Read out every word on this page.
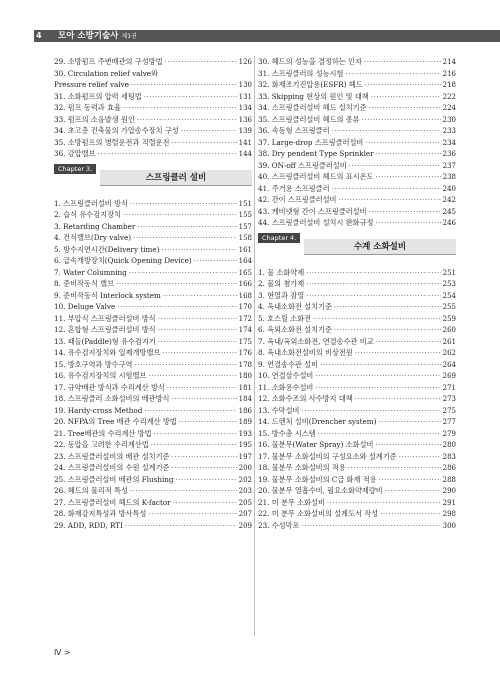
4 모아 소방기술사 제1권
29. 소방펌프 주변배관의 구성방법 ·····	126
30. Circulation relief valve와
Pressure relief valve ·····	130
31. 소화펌프의 압력 세팅법 ·····	131
32. 펌프 동력과 효율 ·····	134
33. 펌프의 소음발생 원인 ·····	136
34. 초고층 건축물의 가압송수장치 구성 ·····	139
35. 소방펌프의 병렬운전과 직렬운전 ·····	141
36. 감압밸브 ·····	144
Chapter 3.
스프링클러 설비
1. 스프링클러설비 방식 ·····	151
2. 습식 유수검지장치 ·····	155
3. Retarding Chamber ·····	157
4. 건식밸브(Dry valve) ·····	158
5. 방수지연시간(Delivery time) ·····	161
6. 급속개방장치(Quick Opening Device) ·····	164
7. Water Columning ·····	165
8. 준비작동식 밸브 ·····	166
9. 준비작동식 Interlock system ·····	168
10. Deluge Valve ·····	170
11. 부압식 스프링클러설비 방식 ·····	172
12. 혼합형 스프링클러설비 방식 ·····	174
13. 패들(Paddle)형 유수검지기 ·····	175
14. 유수검지장치와 일제개방밸브 ·····	176
15. 방호구역과 방수구역 ·····	178
16. 유수검지장치의 시험밸브 ·····	180
17. 규약배관 방식과 수리계산 방식 ·····	181
18. 스프링클러 소화설비의 배관방식 ·····	184
19. Hardy-cross Method ·····	186
20. NFPA의 Tree 배관 수리계산 방법 ·····	189
21. Tree배관의 수리계산 방법 ·····	193
22. 동압을 고려한 수리계산법 ·····	195
23. 스프링클러설비의 배관 설치기준 ·····	197
24. 스프링클러설비의 수원 설계기준 ·····	200
25. 스프링클러설비 배관의 Flushing ·····	202
26. 헤드의 물리적 특성 ·····	203
27. 스프링클러설비 헤드의 K-factor ·····	205
28. 화재감지특성과 방사특성 ·····	207
29. ADD, RDD, RTI ·····	209
30. 헤드의 성능을 결정하는 인자 ·····	214
31. 스프링클러의 성능시험 ·····	216
32. 화재조기진압용(ESFR) 헤드 ·····	218
33. Skipping 현상의 원인 및 대책 ·····	222
34. 스프링클러설비 헤드 설치기준 ·····	224
35. 스프링클러설비 헤드의 종류 ·····	230
36. 속동형 스프링클러 ·····	233
37. Large-drop 스프링클러설비 ·····	234
38. Dry pendent Type Sprinkler ·····	236
39. ON-off 스프링클러설비 ·····	237
40. 스프링클러설비 헤드의 표시온도 ·····	238
41. 주거용 스프링클러 ·····	240
42. 간이 스프링클러설비 ·····	242
43. 캐비넷형 간이 스프링클러설비 ·····	245
44. 스프링클러설비 설치시 완화규정 ·····	246
Chapter 4.
수계 소화설비
1. 물 소화약제 ·····	251
2. 물의 첨가제 ·····	253
3. 현열과 잠열 ·····	254
4. 옥내소화전 설치기준 ·····	255
5. 호스릴 소화전 ·····	259
6. 옥외소화전 설치기준 ·····	260
7. 옥내/옥외소화전, 연결송수관 비교 ·····	261
8. 옥내소화전설비의 비상전원 ·····	262
9. 연결송수관 설비 ·····	264
10. 연결살수설비 ·····	269
11. 소화용수설비 ·····	271
12. 소화수조의 사수방지 대책 ·····	273
13. 수막설비 ·····	275
14. 드렌처 설비(Drencher system) ·····	277
15. 방수총 시스템 ·····	279
16. 물분무(Water Spray) 소화설비 ·····	280
17. 물분무 소화설비의 구성요소와 설계기준 ·····	283
18. 물분무 소화설비의 적용 ·····	286
19. 물분무 소화설비의 C급 화재 적용 ·····	288
20. 물분무 열흡수비, 필요소화약제량비 ·····	290
21. 미 분무 소화설비 ·····	291
22. 미 분무 소화설비의 설계도서 작성 ·····	298
23. 수성막포 ·····	300
Ⅳ >
